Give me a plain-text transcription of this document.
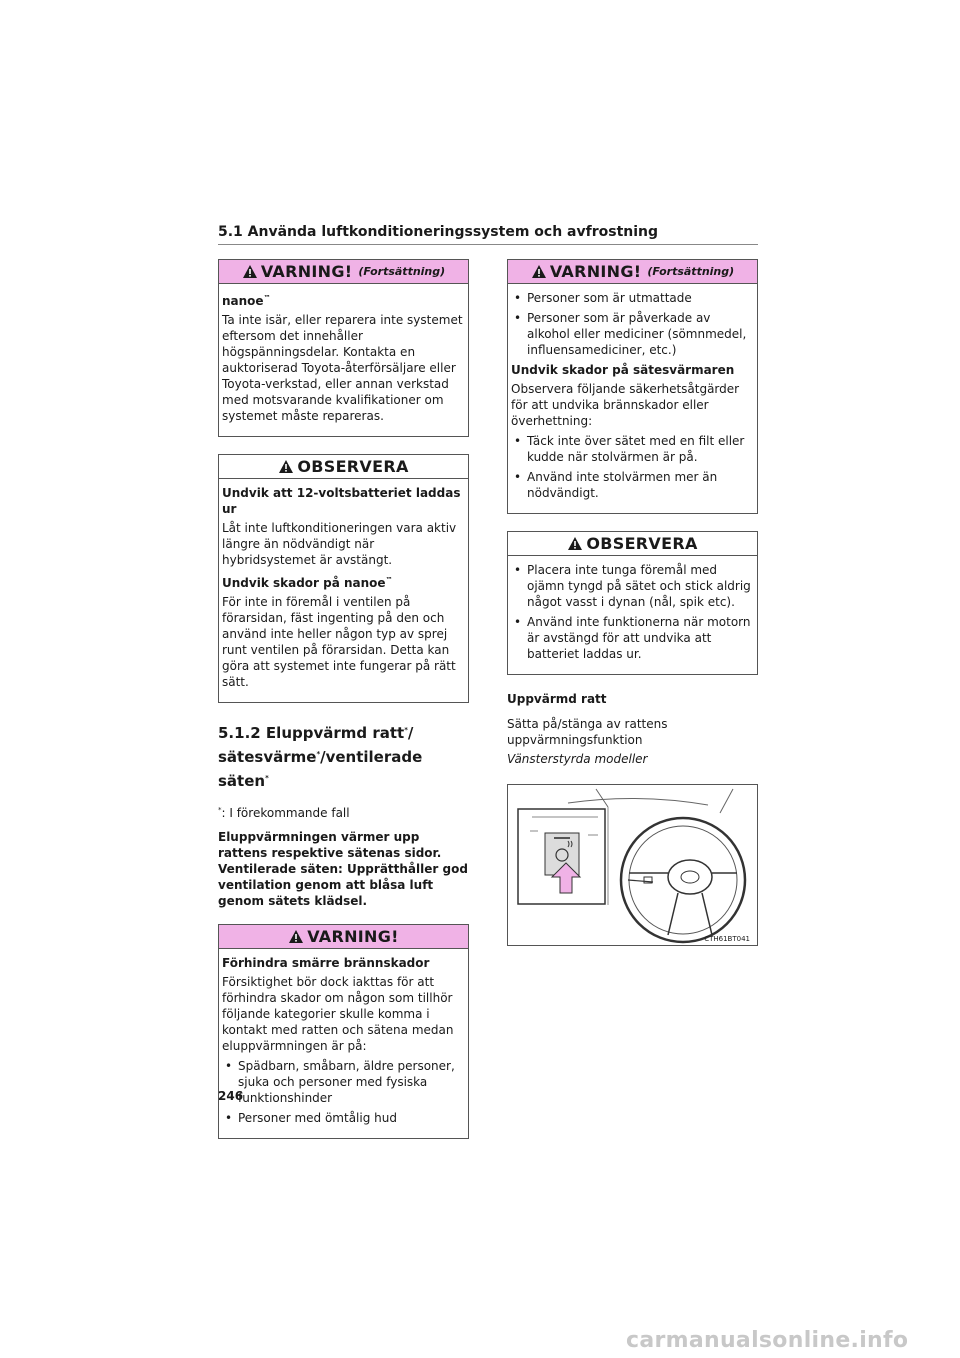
5.1 Använda luftkonditioneringssystem och avfrostning
VARNING! (Fortsättning)
nanoe™
Ta inte isär, eller reparera inte systemet eftersom det innehåller högspänningsdelar. Kontakta en auktoriserad Toyota-återförsäljare eller Toyota-verkstad, eller annan verkstad med motsvarande kvalifikationer om systemet måste repareras.
OBSERVERA
Undvik att 12-voltsbatteriet laddas ur
Låt inte luftkonditioneringen vara aktiv längre än nödvändigt när hybridsystemet är avstängt.
Undvik skador på nanoe™
För inte in föremål i ventilen på förarsidan, fäst ingenting på den och använd inte heller någon typ av sprej runt ventilen på förarsidan. Detta kan göra att systemet inte fungerar på rätt sätt.
5.1.2 Eluppvärmd ratt*/ sätesvärme*/ventilerade säten*
*: I förekommande fall
Eluppvärmningen värmer upp rattens respektive sätenas sidor. Ventilerade säten: Upprätthåller god ventilation genom att blåsa luft genom sätets klädsel.
VARNING!
Förhindra smärre brännskador
Försiktighet bör dock iakttas för att förhindra skador om någon som tillhör följande kategorier skulle komma i kontakt med ratten och sätena medan eluppvärmningen är på:
• Spädbarn, småbarn, äldre personer, sjuka och personer med fysiska funktionshinder
• Personer med ömtålig hud
VARNING! (Fortsättning)
• Personer som är utmattade
• Personer som är påverkade av alkohol eller mediciner (sömnmedel, influensamediciner, etc.)
Undvik skador på sätesvärmaren
Observera följande säkerhetsåtgärder för att undvika brännskador eller överhettning:
• Täck inte över sätet med en filt eller kudde när stolvärmen är på.
• Använd inte stolvärmen mer än nödvändigt.
OBSERVERA
• Placera inte tunga föremål med ojämn tyngd på sätet och stick aldrig något vasst i dynan (nål, spik etc).
• Använd inte funktionerna när motorn är avstängd för att undvika att batteriet laddas ur.
Uppvärmd ratt
Sätta på/stänga av rattens uppvärmningsfunktion
Vänsterstyrda modeller
CTH61BT041
246
carmanualsonline.info
